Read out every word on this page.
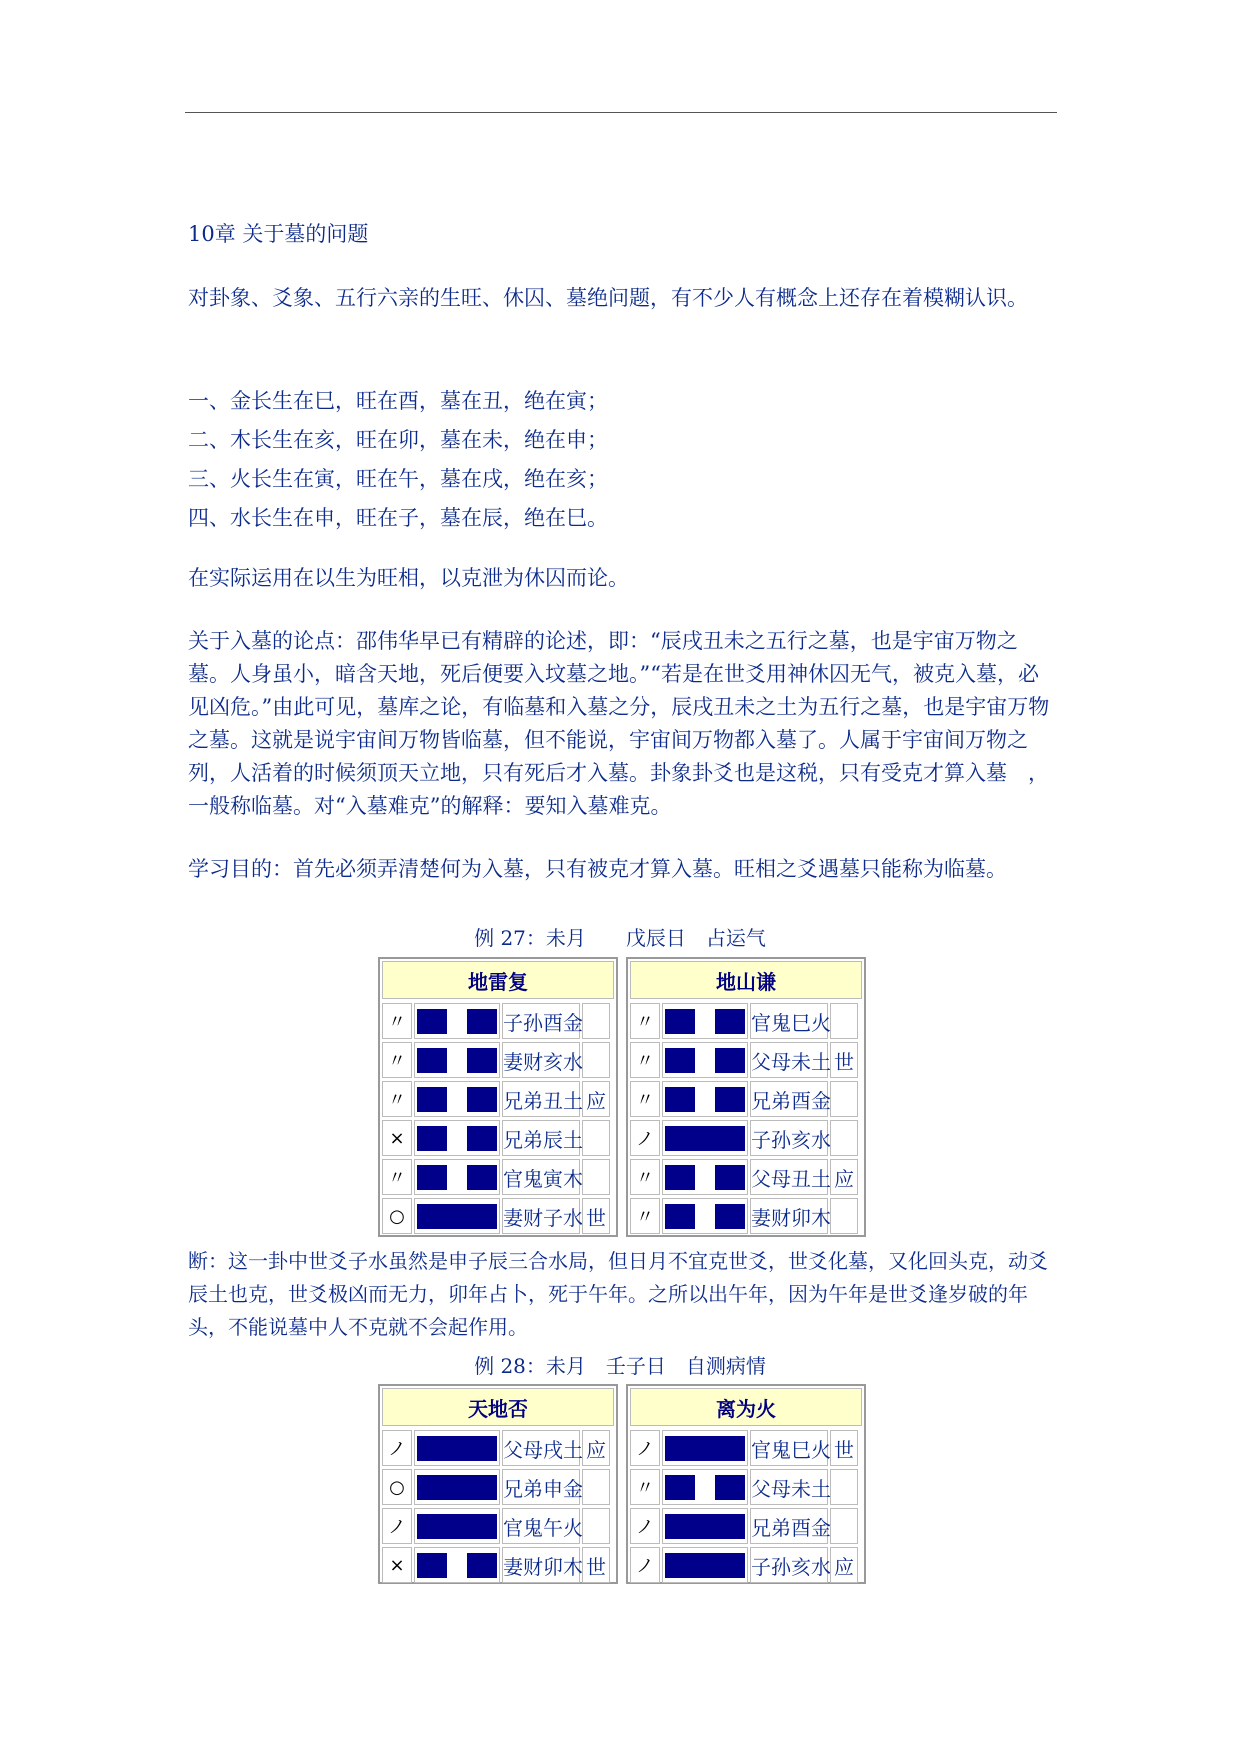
10章 关于墓的问题
对卦象、爻象、五行六亲的生旺、休囚、墓绝问题，有不少人有概念上还存在着模糊认识。
一、金长生在巳，旺在酉，墓在丑，绝在寅；
二、木长生在亥，旺在卯，墓在未，绝在申；
三、火长生在寅，旺在午，墓在戌，绝在亥；
四、水长生在申，旺在子，墓在辰，绝在巳。
在实际运用在以生为旺相，以克泄为休囚而论。
关于入墓的论点：邵伟华早已有精辟的论述，即：“辰戌丑未之五行之墓，也是宇宙万物之墓。人身虽小，暗含天地，死后便要入坟墓之地。”“若是在世爻用神休囚无气，被克入墓，必见凶危。”由此可见，墓库之论，有临墓和入墓之分，辰戌丑未之土为五行之墓，也是宇宙万物之墓。这就是说宇宙间万物皆临墓，但不能说，宇宙间万物都入墓了。人属于宇宙间万物之列，人活着的时候须顶天立地，只有死后才入墓。卦象卦爻也是这税，只有受克才算入墓　，一般称临墓。对“入墓难克”的解释：要知入墓难克。
学习目的：首先必须弄清楚何为入墓，只有被克才算入墓。旺相之爻遇墓只能称为临墓。
例 27：未月　　戊辰日　占运气
地雷复
〃	子孙酉金
〃	妻财亥水
〃	兄弟丑土 应
×	兄弟辰土
〃	官鬼寅木
○	妻财子水 世
地山谦
〃	官鬼巳火
〃	父母未土 世
〃	兄弟酉金
ノ	子孙亥水
〃	父母丑土 应
〃	妻财卯木
断：这一卦中世爻子水虽然是申子辰三合水局，但日月不宜克世爻，世爻化墓，又化回头克，动爻辰土也克，世爻极凶而无力，卯年占卜，死于午年。之所以出午年，因为午年是世爻逢岁破的年头，不能说墓中人不克就不会起作用。
例 28：未月　壬子日　自测病情
天地否
ノ	父母戌土 应
○	兄弟申金
ノ	官鬼午火
×	妻财卯木 世
离为火
ノ	官鬼巳火 世
〃	父母未土
ノ	兄弟酉金
ノ	子孙亥水 应
